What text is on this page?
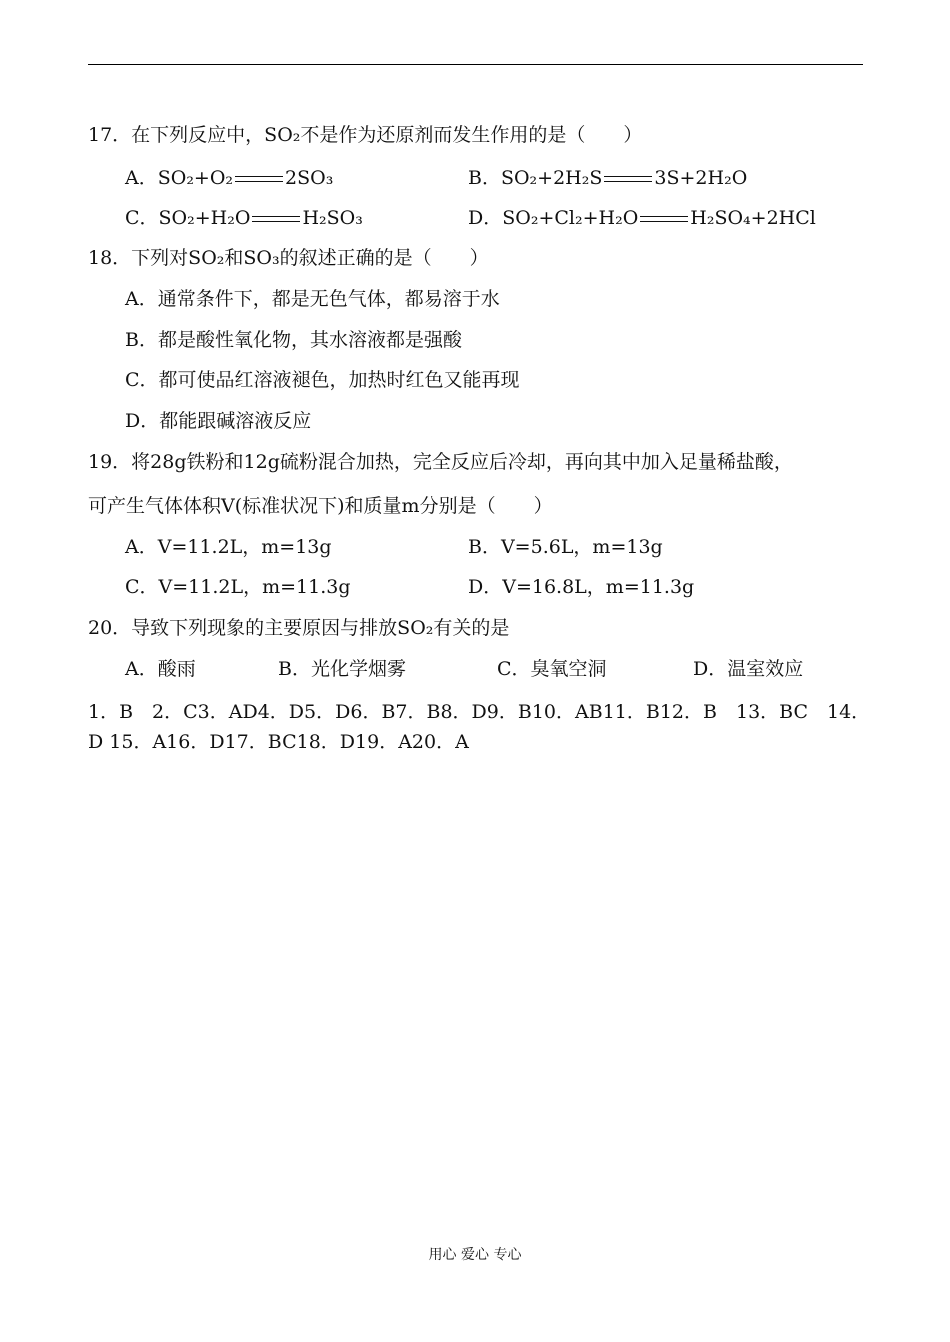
17．在下列反应中，SO₂不是作为还原剂而发生作用的是（　　）
A．SO₂+O₂	2SO₃	B．SO₂+2H₂S	3S+2H₂O
C．SO₂+H₂O	H₂SO₃	D．SO₂+Cl₂+H₂O	H₂SO₄+2HCl
18．下列对SO₂和SO₃的叙述正确的是（　　）
A．通常条件下，都是无色气体，都易溶于水
B．都是酸性氧化物，其水溶液都是强酸
C．都可使品红溶液褪色，加热时红色又能再现
D．都能跟碱溶液反应
19．将28g铁粉和12g硫粉混合加热，完全反应后冷却，再向其中加入足量稀盐酸，
可产生气体体积V(标准状况下)和质量m分别是（　　）
A．V=11.2L，m=13g	B．V=5.6L，m=13g
C．V=11.2L，m=11.3g	D．V=16.8L，m=11.3g
20．导致下列现象的主要原因与排放SO₂有关的是
A．酸雨	B．光化学烟雾	C．臭氧空洞	D．温室效应
1．B　2．C3．AD4．D5．D6．B7．B8．D9．B10．AB11．B12．B　13．BC　14．　D 15．A16．D17．BC18．D19．A20．A
用心 爱心 专心
